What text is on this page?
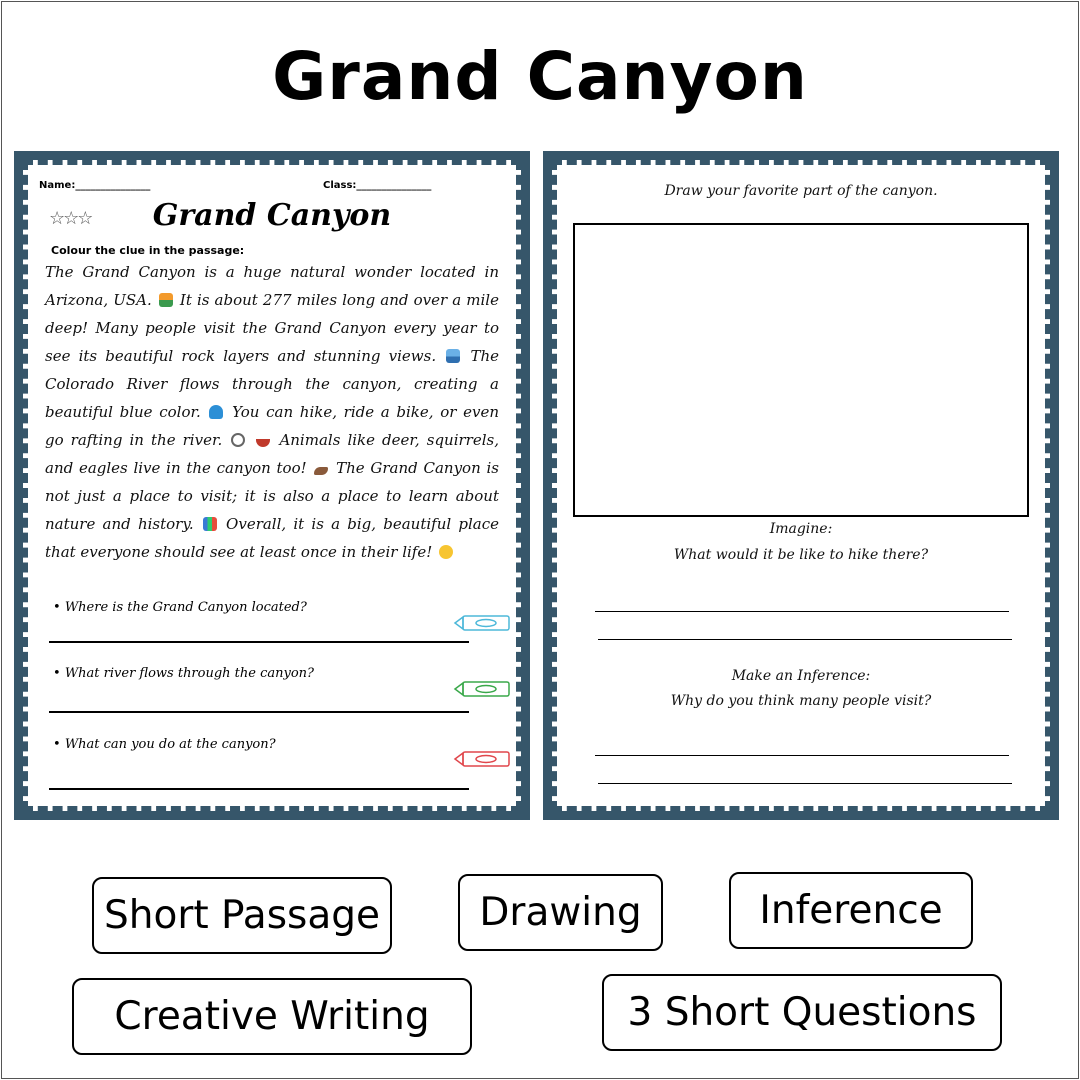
Grand Canyon
Name:_______________	Class:_______________
☆☆☆	Grand Canyon
Colour the clue in the passage:
The Grand Canyon is a huge natural wonder located in Arizona, USA. It is about 277 miles long and over a mile deep! Many people visit the Grand Canyon every year to see its beautiful rock layers and stunning views. The Colorado River flows through the canyon, creating a beautiful blue color. You can hike, ride a bike, or even go rafting in the river.	Animals like deer, squirrels, and eagles live in the canyon too! The Grand Canyon is not just a place to visit; it is also a place to learn about nature and history. Overall, it is a big, beautiful place that everyone should see at least once in their life!
• Where is the Grand Canyon located?
• What river flows through the canyon?
• What can you do at the canyon?
Draw your favorite part of the canyon.
Imagine:
What would it be like to hike there?
Make an Inference:
Why do you think many people visit?
Short Passage	Drawing	Inference
Creative Writing	3 Short Questions
